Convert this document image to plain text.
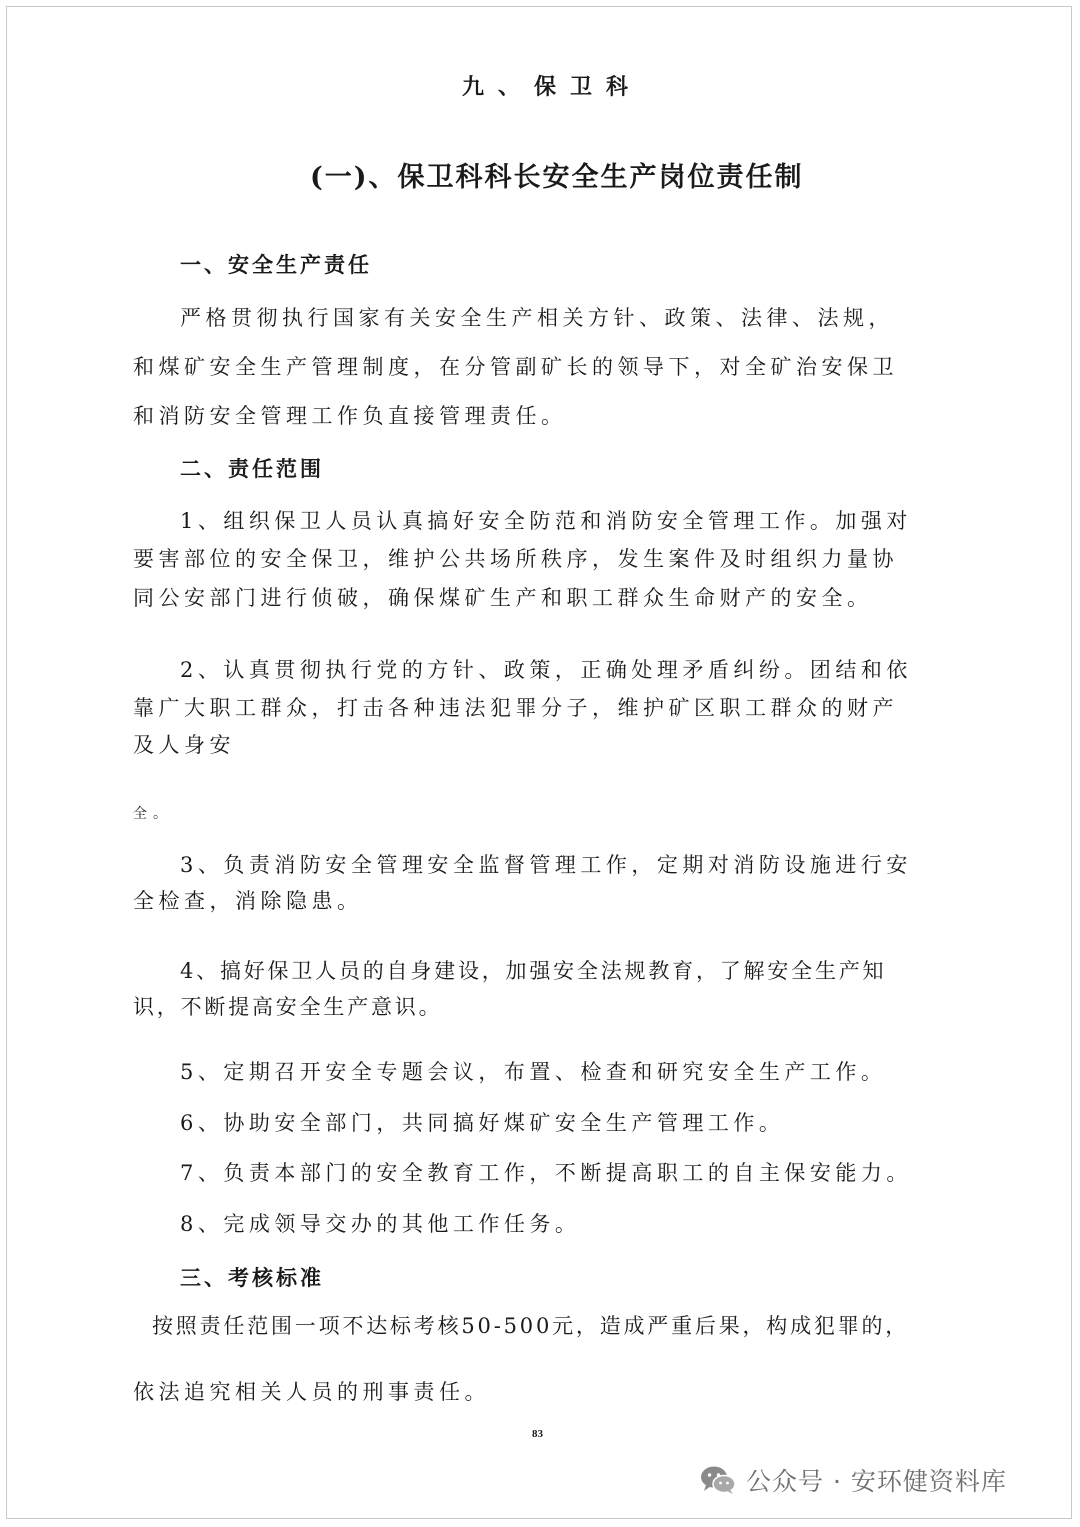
九、保卫科
(一)、保卫科科长安全生产岗位责任制
一、安全生产责任
严格贯彻执行国家有关安全生产相关方针、政策、法律、法规，
和煤矿安全生产管理制度，在分管副矿长的领导下，对全矿治安保卫
和消防安全管理工作负直接管理责任。
二、责任范围
1、组织保卫人员认真搞好安全防范和消防安全管理工作。加强对
要害部位的安全保卫，维护公共场所秩序，发生案件及时组织力量协
同公安部门进行侦破，确保煤矿生产和职工群众生命财产的安全。
2、认真贯彻执行党的方针、政策，正确处理矛盾纠纷。团结和依
靠广大职工群众，打击各种违法犯罪分子，维护矿区职工群众的财产
及人身安
全。
3、负责消防安全管理安全监督管理工作，定期对消防设施进行安
全检查，消除隐患。
4、搞好保卫人员的自身建设，加强安全法规教育，了解安全生产知
识，不断提高安全生产意识。
5、定期召开安全专题会议，布置、检查和研究安全生产工作。
6、协助安全部门，共同搞好煤矿安全生产管理工作。
7、负责本部门的安全教育工作，不断提高职工的自主保安能力。
8、完成领导交办的其他工作任务。
三、考核标准
按照责任范围一项不达标考核50-500元，造成严重后果，构成犯罪的，
依法追究相关人员的刑事责任。
83
公众号 · 安环健资料库
